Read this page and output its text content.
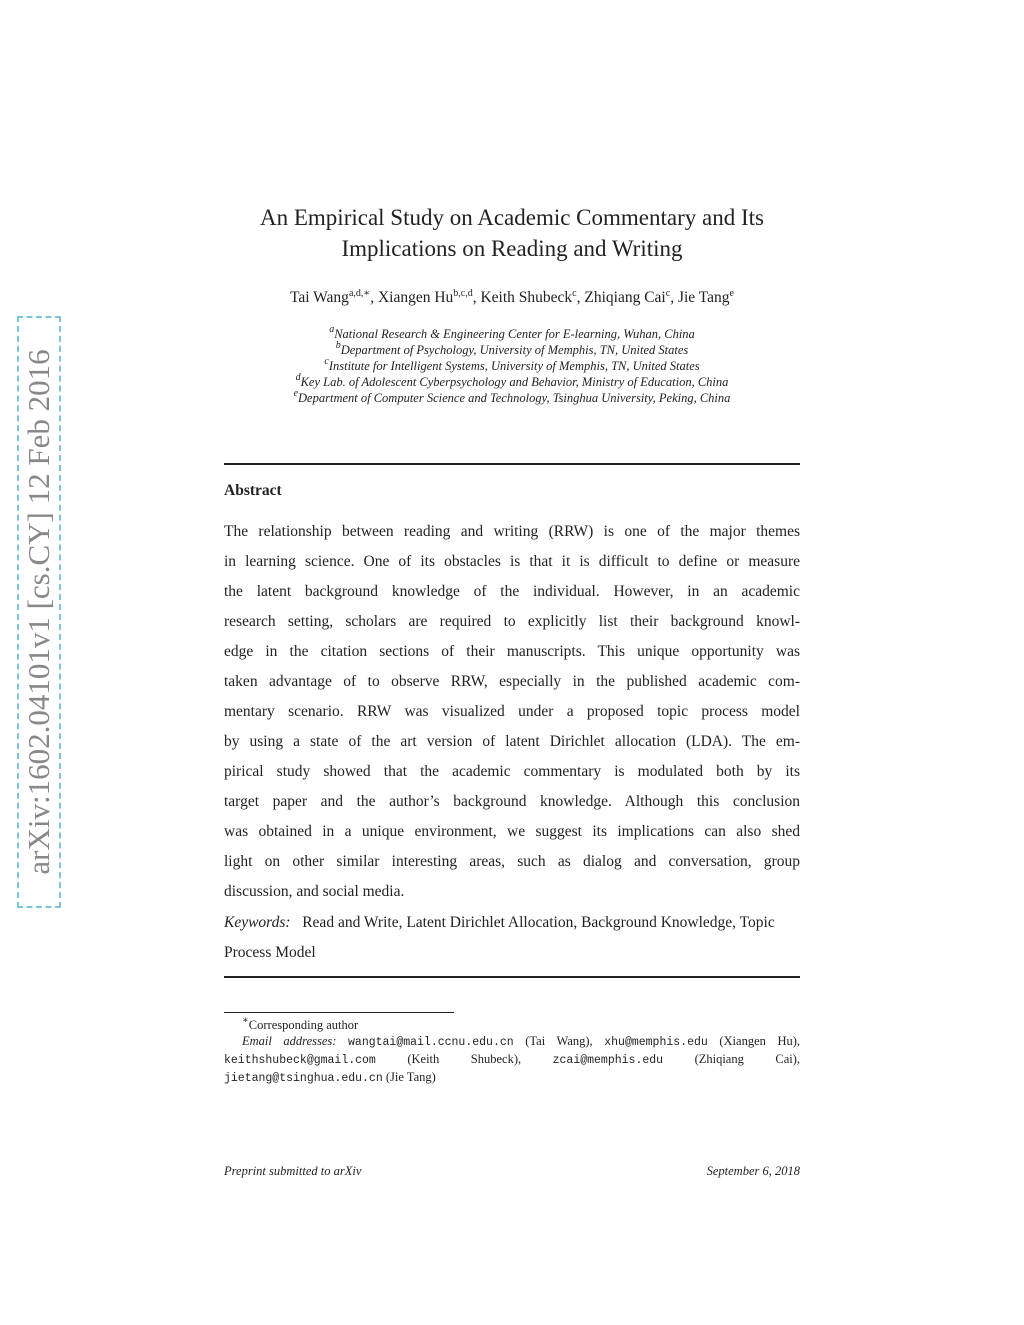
arXiv:1602.04101v1 [cs.CY] 12 Feb 2016
An Empirical Study on Academic Commentary and Its
Implications on Reading and Writing
Tai Wang$^{a,d,∗}$, Xiangen Hu$^{b,c,d}$, Keith Shubeck$^c$, Zhiqiang Cai$^c$, Jie Tang$^e$
$^a$National Research & Engineering Center for E-learning, Wuhan, China
$^b$Department of Psychology, University of Memphis, TN, United States
$^c$Institute for Intelligent Systems, University of Memphis, TN, United States
$^d$Key Lab. of Adolescent Cyberpsychology and Behavior, Ministry of Education, China
$^e$Department of Computer Science and Technology, Tsinghua University, Peking, China
Abstract
The relationship between reading and writing (RRW) is one of the major themes
in learning science. One of its obstacles is that it is difficult to define or measure
the latent background knowledge of the individual. However, in an academic
research setting, scholars are required to explicitly list their background knowl-
edge in the citation sections of their manuscripts. This unique opportunity was
taken advantage of to observe RRW, especially in the published academic com-
mentary scenario. RRW was visualized under a proposed topic process model
by using a state of the art version of latent Dirichlet allocation (LDA). The em-
pirical study showed that the academic commentary is modulated both by its
target paper and the author’s background knowledge. Although this conclusion
was obtained in a unique environment, we suggest its implications can also shed
light on other similar interesting areas, such as dialog and conversation, group
discussion, and social media.
Keywords: Read and Write, Latent Dirichlet Allocation, Background Knowledge, Topic Process Model
∗Corresponding author
Email addresses: wangtai@mail.ccnu.edu.cn (Tai Wang), xhu@memphis.edu (Xiangen Hu), keithshubeck@gmail.com	(Keith Shubeck), zcai@memphis.edu	(Zhiqiang Cai), jietang@tsinghua.edu.cn (Jie Tang)
Preprint submitted to arXiv	September 6, 2018
